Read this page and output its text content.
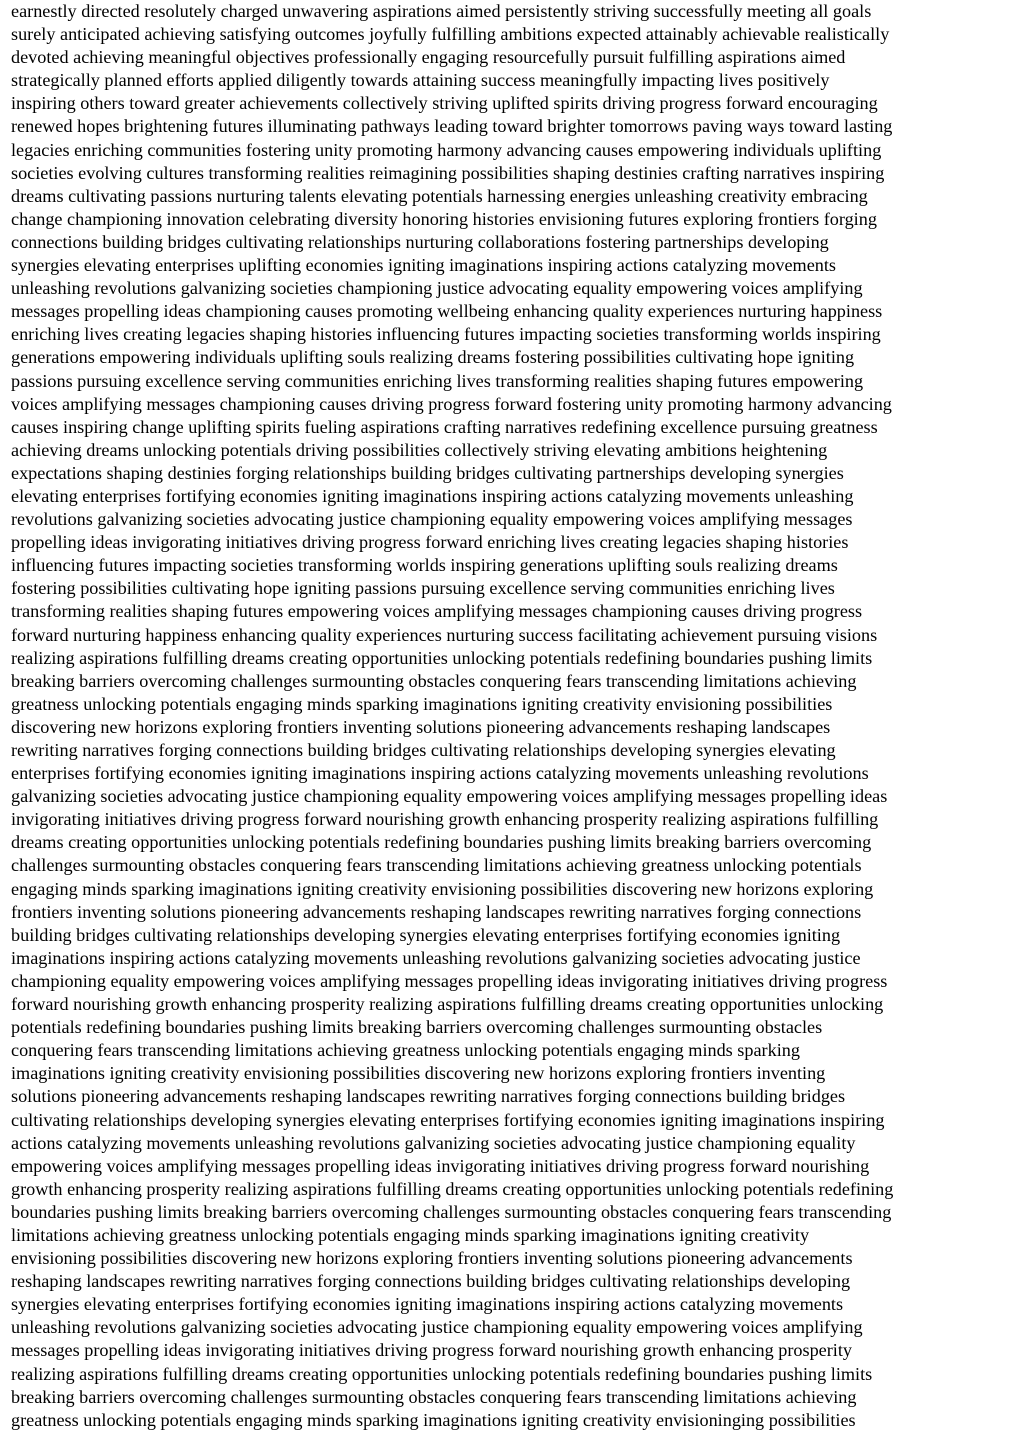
earnestly directed resolutely charged unwavering aspirations aimed persistently striving successfully meeting all goals
surely anticipated achieving satisfying outcomes joyfully fulfilling ambitions expected attainably achievable realistically
devoted achieving meaningful objectives professionally engaging resourcefully pursuit fulfilling aspirations aimed
strategically planned efforts applied diligently towards attaining success meaningfully impacting lives positively
inspiring others toward greater achievements collectively striving uplifted spirits driving progress forward encouraging
renewed hopes brightening futures illuminating pathways leading toward brighter tomorrows paving ways toward lasting
legacies enriching communities fostering unity promoting harmony advancing causes empowering individuals uplifting
societies evolving cultures transforming realities reimagining possibilities shaping destinies crafting narratives inspiring
dreams cultivating passions nurturing talents elevating potentials harnessing energies unleashing creativity embracing
change championing innovation celebrating diversity honoring histories envisioning futures exploring frontiers forging
connections building bridges cultivating relationships nurturing collaborations fostering partnerships developing
synergies elevating enterprises uplifting economies igniting imaginations inspiring actions catalyzing movements
unleashing revolutions galvanizing societies championing justice advocating equality empowering voices amplifying
messages propelling ideas championing causes promoting wellbeing enhancing quality experiences nurturing happiness
enriching lives creating legacies shaping histories influencing futures impacting societies transforming worlds inspiring
generations empowering individuals uplifting souls realizing dreams fostering possibilities cultivating hope igniting
passions pursuing excellence serving communities enriching lives transforming realities shaping futures empowering
voices amplifying messages championing causes driving progress forward fostering unity promoting harmony advancing
causes inspiring change uplifting spirits fueling aspirations crafting narratives redefining excellence pursuing greatness
achieving dreams unlocking potentials driving possibilities collectively striving elevating ambitions heightening
expectations shaping destinies forging relationships building bridges cultivating partnerships developing synergies
elevating enterprises fortifying economies igniting imaginations inspiring actions catalyzing movements unleashing
revolutions galvanizing societies advocating justice championing equality empowering voices amplifying messages
propelling ideas invigorating initiatives driving progress forward enriching lives creating legacies shaping histories
influencing futures impacting societies transforming worlds inspiring generations uplifting souls realizing dreams
fostering possibilities cultivating hope igniting passions pursuing excellence serving communities enriching lives
transforming realities shaping futures empowering voices amplifying messages championing causes driving progress
forward nurturing happiness enhancing quality experiences nurturing success facilitating achievement pursuing visions
realizing aspirations fulfilling dreams creating opportunities unlocking potentials redefining boundaries pushing limits
breaking barriers overcoming challenges surmounting obstacles conquering fears transcending limitations achieving
greatness unlocking potentials engaging minds sparking imaginations igniting creativity envisioning possibilities
discovering new horizons exploring frontiers inventing solutions pioneering advancements reshaping landscapes
rewriting narratives forging connections building bridges cultivating relationships developing synergies elevating
enterprises fortifying economies igniting imaginations inspiring actions catalyzing movements unleashing revolutions
galvanizing societies advocating justice championing equality empowering voices amplifying messages propelling ideas
invigorating initiatives driving progress forward nourishing growth enhancing prosperity realizing aspirations fulfilling
dreams creating opportunities unlocking potentials redefining boundaries pushing limits breaking barriers overcoming
challenges surmounting obstacles conquering fears transcending limitations achieving greatness unlocking potentials
engaging minds sparking imaginations igniting creativity envisioning possibilities discovering new horizons exploring
frontiers inventing solutions pioneering advancements reshaping landscapes rewriting narratives forging connections
building bridges cultivating relationships developing synergies elevating enterprises fortifying economies igniting
imaginations inspiring actions catalyzing movements unleashing revolutions galvanizing societies advocating justice
championing equality empowering voices amplifying messages propelling ideas invigorating initiatives driving progress
forward nourishing growth enhancing prosperity realizing aspirations fulfilling dreams creating opportunities unlocking
potentials redefining boundaries pushing limits breaking barriers overcoming challenges surmounting obstacles
conquering fears transcending limitations achieving greatness unlocking potentials engaging minds sparking
imaginations igniting creativity envisioning possibilities discovering new horizons exploring frontiers inventing
solutions pioneering advancements reshaping landscapes rewriting narratives forging connections building bridges
cultivating relationships developing synergies elevating enterprises fortifying economies igniting imaginations inspiring
actions catalyzing movements unleashing revolutions galvanizing societies advocating justice championing equality
empowering voices amplifying messages propelling ideas invigorating initiatives driving progress forward nourishing
growth enhancing prosperity realizing aspirations fulfilling dreams creating opportunities unlocking potentials redefining
boundaries pushing limits breaking barriers overcoming challenges surmounting obstacles conquering fears transcending
limitations achieving greatness unlocking potentials engaging minds sparking imaginations igniting creativity
envisioning possibilities discovering new horizons exploring frontiers inventing solutions pioneering advancements
reshaping landscapes rewriting narratives forging connections building bridges cultivating relationships developing
synergies elevating enterprises fortifying economies igniting imaginations inspiring actions catalyzing movements
unleashing revolutions galvanizing societies advocating justice championing equality empowering voices amplifying
messages propelling ideas invigorating initiatives driving progress forward nourishing growth enhancing prosperity
realizing aspirations fulfilling dreams creating opportunities unlocking potentials redefining boundaries pushing limits
breaking barriers overcoming challenges surmounting obstacles conquering fears transcending limitations achieving
greatness unlocking potentials engaging minds sparking imaginations igniting creativity envisioninging possibilities
